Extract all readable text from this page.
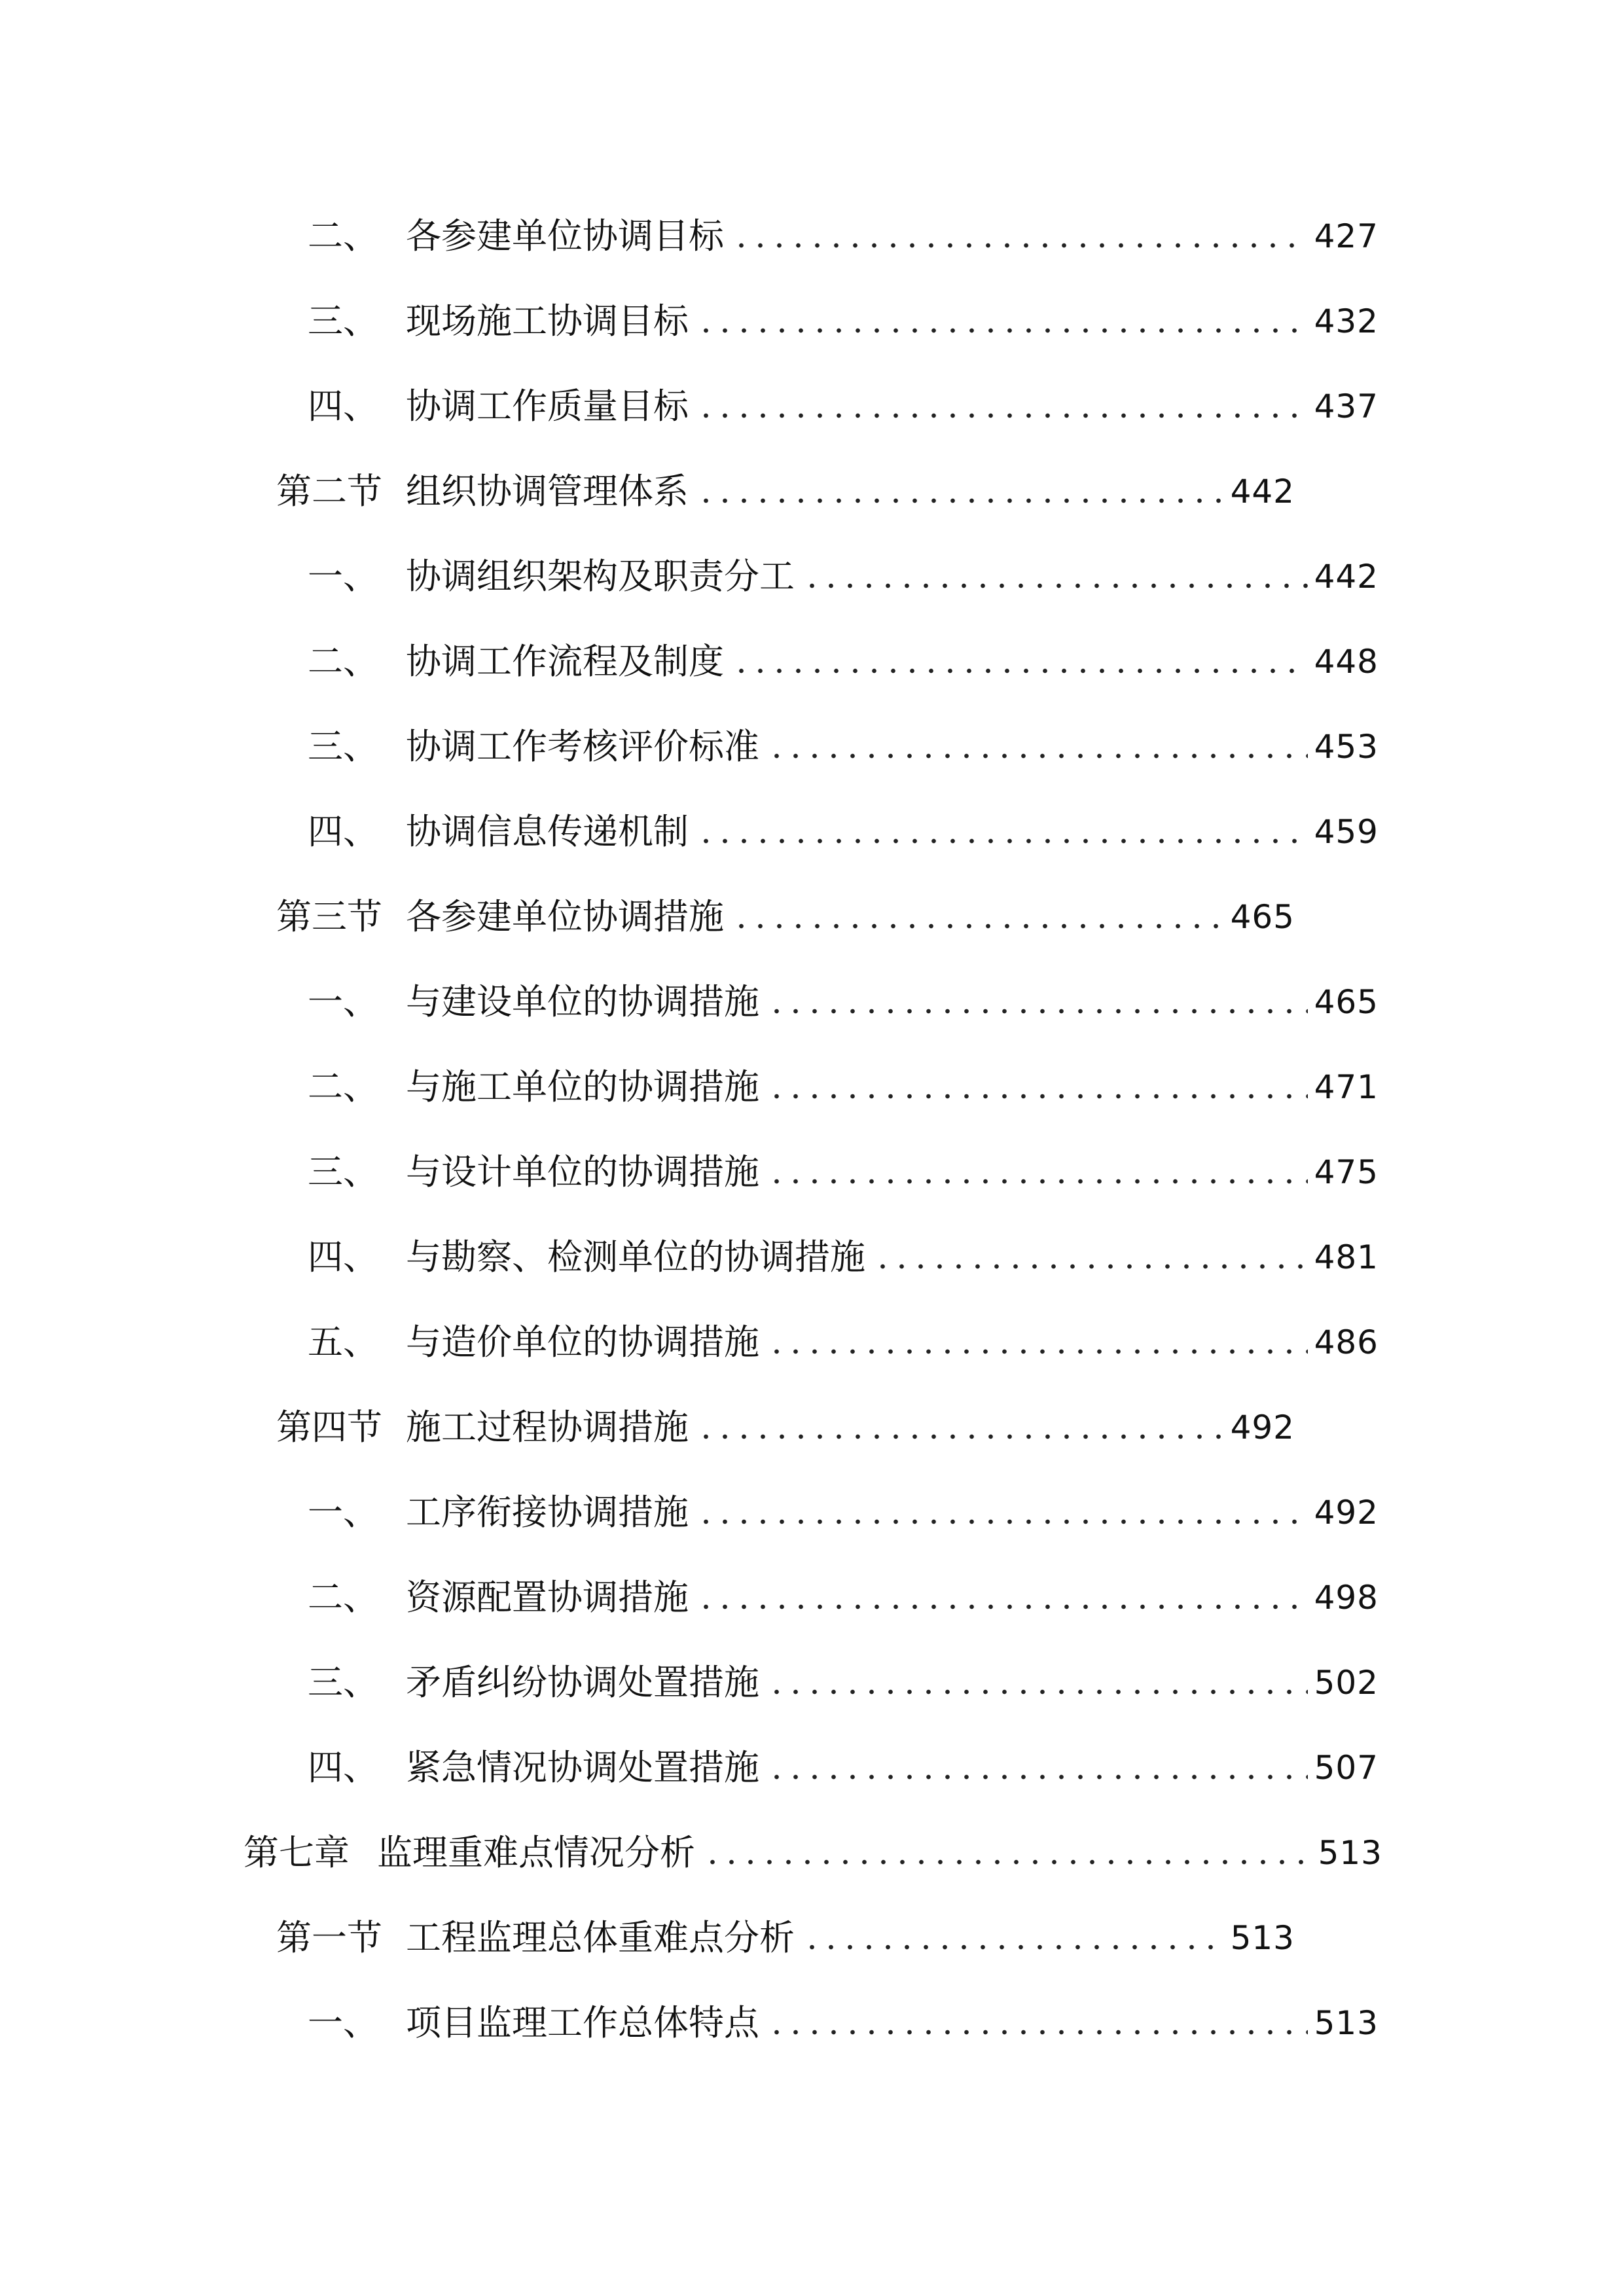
二、 各参建单位协调目标	427
三、 现场施工协调目标	432
四、 协调工作质量目标	437
第二节 组织协调管理体系	442
一、 协调组织架构及职责分工	442
二、 协调工作流程及制度	448
三、 协调工作考核评价标准	453
四、 协调信息传递机制	459
第三节 各参建单位协调措施	465
一、 与建设单位的协调措施	465
二、 与施工单位的协调措施	471
三、 与设计单位的协调措施	475
四、 与勘察、检测单位的协调措施	481
五、 与造价单位的协调措施	486
第四节 施工过程协调措施	492
一、 工序衔接协调措施	492
二、 资源配置协调措施	498
三、 矛盾纠纷协调处置措施	502
四、 紧急情况协调处置措施	507
第七章 监理重难点情况分析	513
第一节 工程监理总体重难点分析	513
一、 项目监理工作总体特点	513
